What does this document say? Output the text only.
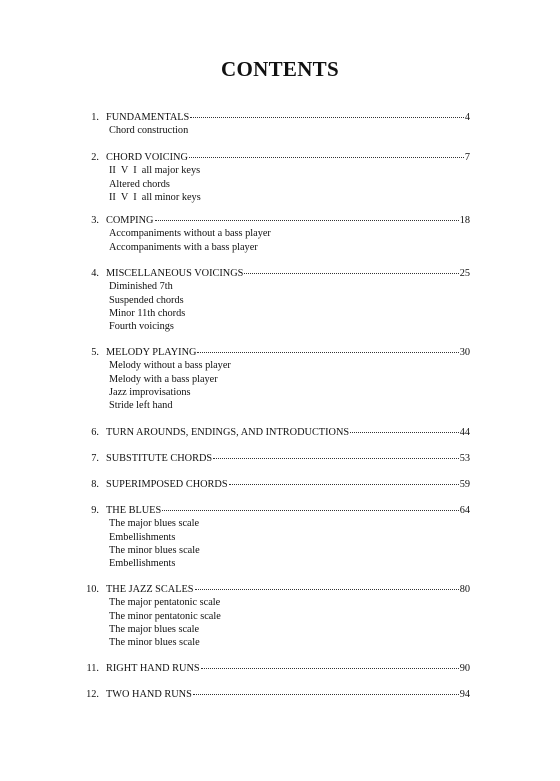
CONTENTS
1. FUNDAMENTALS	4
Chord construction
2. CHORD VOICING	7
II  V  I  all major keys
Altered chords
II  V  I  all minor keys
3. COMPING	18
Accompaniments without a bass player
Accompaniments with a bass player
4. MISCELLANEOUS VOICINGS	25
Diminished 7th
Suspended chords
Minor 11th chords
Fourth voicings
5. MELODY PLAYING	30
Melody without a bass player
Melody with a bass player
Jazz improvisations
Stride left hand
6. TURN AROUNDS, ENDINGS, AND INTRODUCTIONS	44
7. SUBSTITUTE CHORDS	53
8. SUPERIMPOSED CHORDS	59
9. THE BLUES	64
The major blues scale
Embellishments
The minor blues scale
Embellishments
10. THE JAZZ SCALES	80
The major pentatonic scale
The minor pentatonic scale
The major blues scale
The minor blues scale
11. RIGHT HAND RUNS	90
12. TWO HAND RUNS	94
